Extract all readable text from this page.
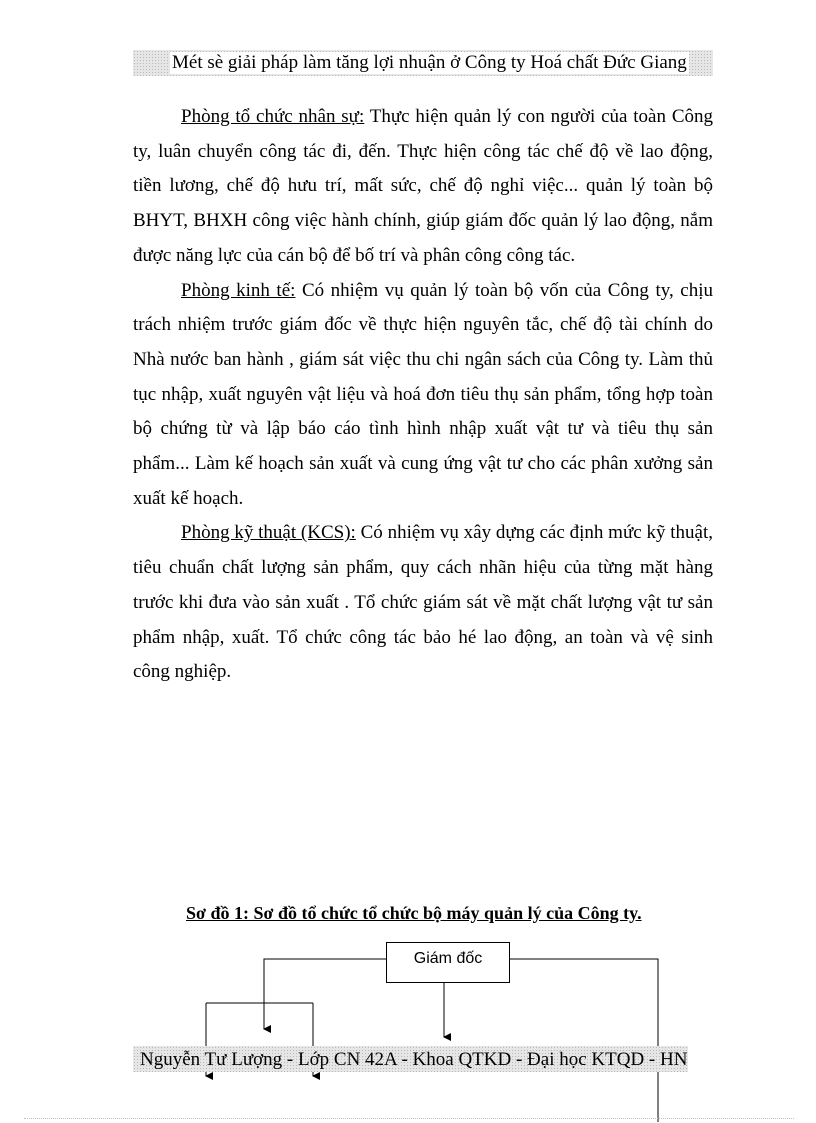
Mét sè giải pháp làm tăng lợi nhuận ở Công ty Hoá chất Đức Giang

Phòng tổ chức nhân sự: Thực hiện quản lý con người của toàn Công ty, luân chuyển công tác đi, đến. Thực hiện công tác chế độ về lao động, tiền lương, chế độ hưu trí, mất sức, chế độ nghỉ việc... quản lý toàn bộ BHYT, BHXH công việc hành chính, giúp giám đốc quản lý lao động, nắm được năng lực của cán bộ để bố trí và phân công công tác.

Phòng kinh tế: Có nhiệm vụ quản lý toàn bộ vốn của Công ty, chịu trách nhiệm trước giám đốc về thực hiện nguyên tắc, chế độ tài chính do Nhà nước ban hành , giám sát việc thu chi ngân sách của Công ty. Làm thủ tục nhập, xuất nguyên vật liệu và hoá đơn tiêu thụ sản phẩm, tổng hợp toàn bộ chứng từ và lập báo cáo tình hình nhập xuất vật tư và tiêu thụ sản phẩm... Làm kế hoạch sản xuất và cung ứng vật tư cho các phân xưởng sản xuất kế hoạch.

Phòng kỹ thuật (KCS): Có nhiệm vụ xây dựng các định mức kỹ thuật, tiêu chuẩn chất lượng sản phẩm, quy cách nhãn hiệu của từng mặt hàng trước khi đưa vào sản xuất . Tổ chức giám sát về mặt chất lượng vật tư sản phẩm nhập, xuất. Tổ chức công tác bảo hé lao động, an toàn và vệ sinh công nghiệp.

Sơ đồ 1: Sơ đồ tổ chức tổ chức bộ máy quản lý của Công ty.
Giám đốc
Nguyễn Tư Lượng - Lớp CN 42A - Khoa QTKD - Đại học KTQD - HN
